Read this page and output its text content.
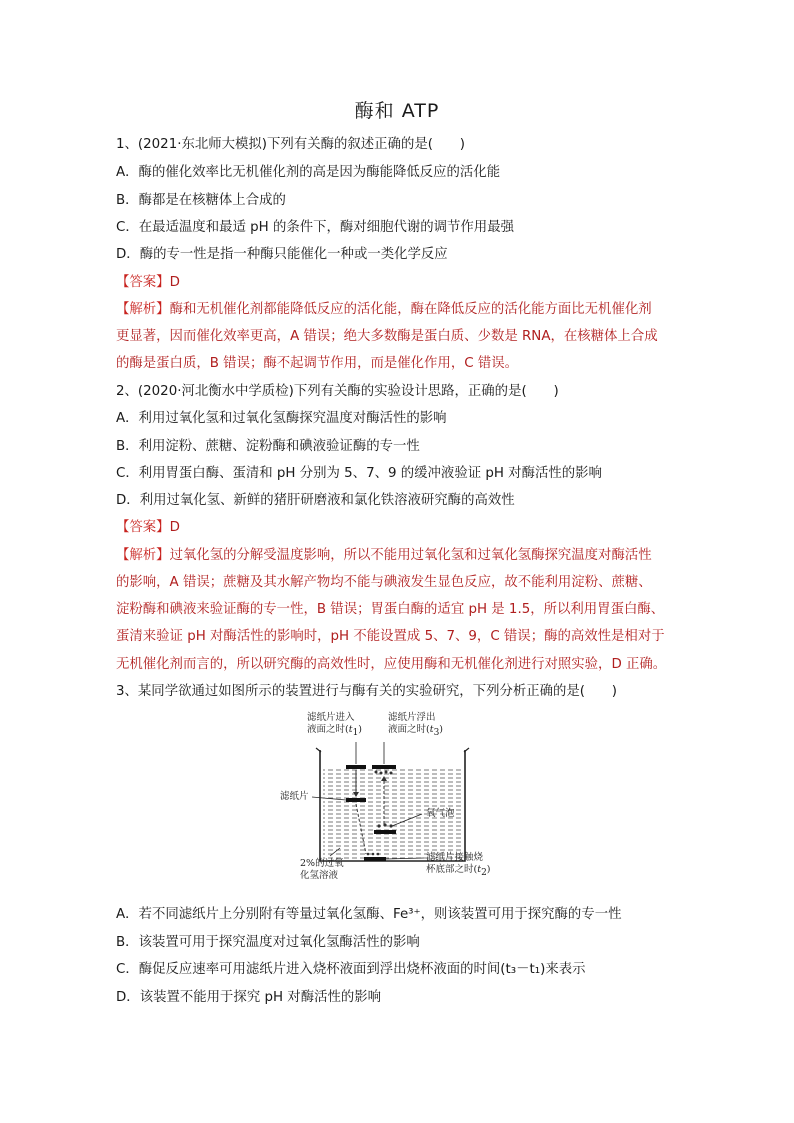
酶和 ATP
1、(2021·东北师大模拟)下列有关酶的叙述正确的是(　　)
A．酶的催化效率比无机催化剂的高是因为酶能降低反应的活化能
B．酶都是在核糖体上合成的
C．在最适温度和最适 pH 的条件下，酶对细胞代谢的调节作用最强
D．酶的专一性是指一种酶只能催化一种或一类化学反应
【答案】D
【解析】酶和无机催化剂都能降低反应的活化能，酶在降低反应的活化能方面比无机催化剂
更显著，因而催化效率更高，A 错误；绝大多数酶是蛋白质、少数是 RNA，在核糖体上合成
的酶是蛋白质，B 错误；酶不起调节作用，而是催化作用，C 错误。
2、(2020·河北衡水中学质检)下列有关酶的实验设计思路，正确的是(　　)
A．利用过氧化氢和过氧化氢酶探究温度对酶活性的影响
B．利用淀粉、蔗糖、淀粉酶和碘液验证酶的专一性
C．利用胃蛋白酶、蛋清和 pH 分别为 5、7、9 的缓冲液验证 pH 对酶活性的影响
D．利用过氧化氢、新鲜的猪肝研磨液和氯化铁溶液研究酶的高效性
【答案】D
【解析】过氧化氢的分解受温度影响，所以不能用过氧化氢和过氧化氢酶探究温度对酶活性
的影响，A 错误；蔗糖及其水解产物均不能与碘液发生显色反应，故不能利用淀粉、蔗糖、
淀粉酶和碘液来验证酶的专一性，B 错误；胃蛋白酶的适宜 pH 是 1.5，所以利用胃蛋白酶、
蛋清来验证 pH 对酶活性的影响时，pH 不能设置成 5、7、9，C 错误；酶的高效性是相对于
无机催化剂而言的，所以研究酶的高效性时，应使用酶和无机催化剂进行对照实验，D 正确。
3、某同学欲通过如图所示的装置进行与酶有关的实验研究，下列分析正确的是(　　)
滤纸片进入
液面之时$(t_1)$
滤纸片浮出
液面之时$(t_3)$
滤纸片
氧气泡
2%的过氧
化氢溶液
滤纸片接触烧
杯底部之时$(t_2)$
A．若不同滤纸片上分别附有等量过氧化氢酶、Fe³⁺，则该装置可用于探究酶的专一性
B．该装置可用于探究温度对过氧化氢酶活性的影响
C．酶促反应速率可用滤纸片进入烧杯液面到浮出烧杯液面的时间(t₃－t₁)来表示
D．该装置不能用于探究 pH 对酶活性的影响
